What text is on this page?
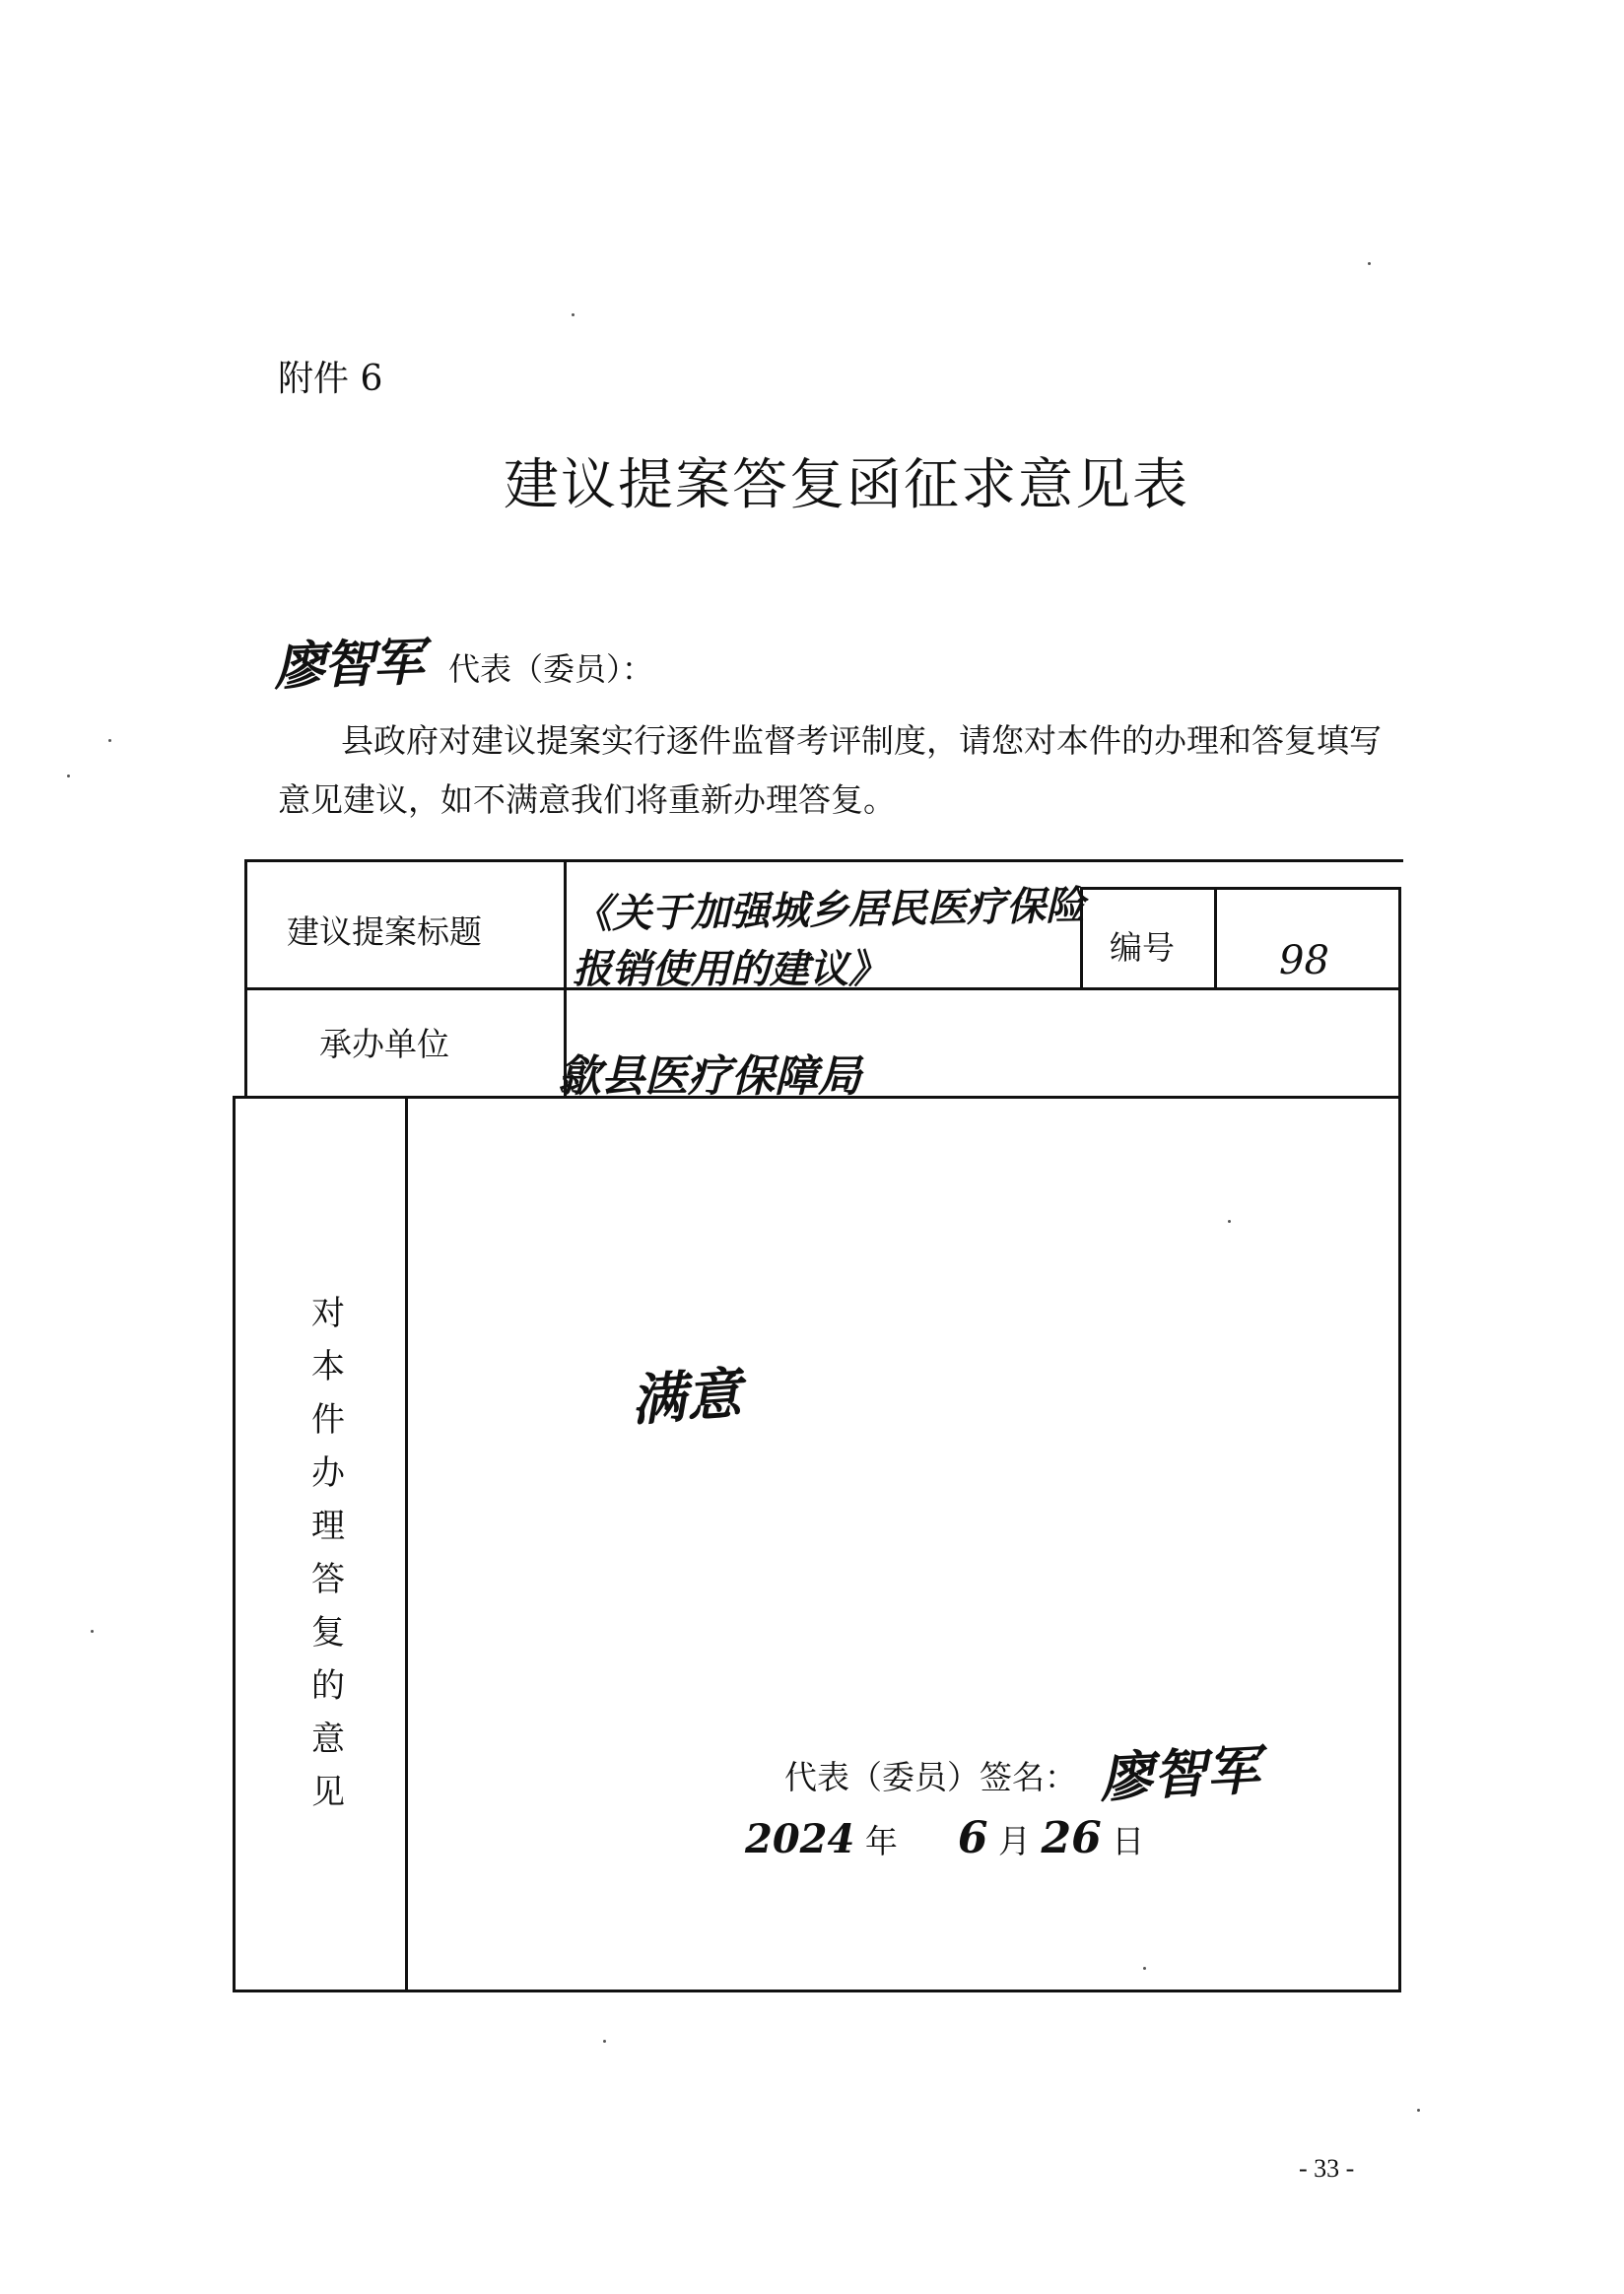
附件 6
建议提案答复函征求意见表
廖智军 代表（委员）：
县政府对建议提案实行逐件监督考评制度，请您对本件的办理和答复填写意见建议，如不满意我们将重新办理答复。
建议提案标题 《关于加强城乡居民医疗保险
报销使用的建议》	编号	98
承办单位
歙县医疗保障局
对
本
件
办
理
答
复
的
意
见
满意
代表（委员）签名： 廖智军
2024 年 6 月 26 日
- 33 -
